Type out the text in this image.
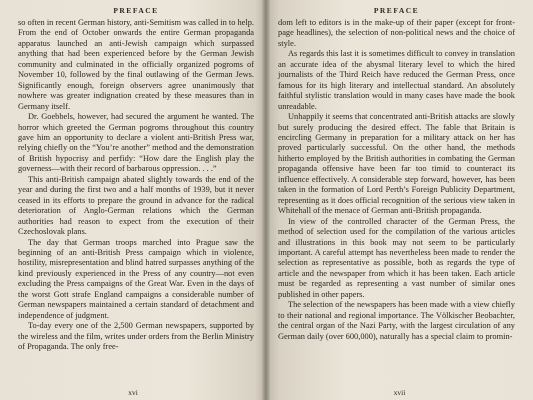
PREFACE

so often in recent German history, anti-Semitism was called in to help. From the end of October onwards the entire German propaganda apparatus launched an anti-Jewish campaign which surpassed anything that had been experienced before by the German Jewish community and culminated in the officially organized pogroms of November 10, followed by the final outlawing of the German Jews. Significantly enough, foreign observers agree unanimously that nowhere was greater indignation created by these measures than in Germany itself.

Dr. Goebbels, however, had secured the argument he wanted. The horror which greeted the German pogroms throughout this country gave him an opportunity to declare a violent anti-British Press war, relying chiefly on the “You’re another” method and the demonstration of British hypocrisy and perfidy: “How dare the English play the governess—with their record of barbarous oppression. . . .”

This anti-British campaign abated slightly towards the end of the year and during the first two and a half months of 1939, but it never ceased in its efforts to prepare the ground in advance for the radical deterioration of Anglo-German relations which the German authorities had reason to expect from the execution of their Czechoslovak plans.

The day that German troops marched into Prague saw the beginning of an anti-British Press campaign which in violence, hostility, misrepresentation and blind hatred surpasses anything of the kind previously experienced in the Press of any country—not even excluding the Press campaigns of the Great War. Even in the days of the worst Gott strafe England campaigns a considerable number of German newspapers maintained a certain standard of detachment and independence of judgment.

To-day every one of the 2,500 German newspapers, supported by the wireless and the film, writes under orders from the Berlin Ministry of Propaganda. The only free-

xvi
PREFACE

dom left to editors is in the make-up of their paper (except for front-page headlines), the selection of non-political news and the choice of style.

As regards this last it is sometimes difficult to convey in translation an accurate idea of the abysmal literary level to which the hired journalists of the Third Reich have reduced the German Press, once famous for its high literary and intellectual standard. An absolutely faithful stylistic translation would in many cases have made the book unreadable.

Unhappily it seems that concentrated anti-British attacks are slowly but surely producing the desired effect. The fable that Britain is encircling Germany in preparation for a military attack on her has proved particularly successful. On the other hand, the methods hitherto employed by the British authorities in combating the German propaganda offensive have been far too timid to counteract its influence effectively. A considerable step forward, however, has been taken in the formation of Lord Perth’s Foreign Publicity Department, representing as it does official recognition of the serious view taken in Whitehall of the menace of German anti-British propaganda.

In view of the controlled character of the German Press, the method of selection used for the compilation of the various articles and illustrations in this book may not seem to be particularly important. A careful attempt has nevertheless been made to render the selection as representative as possible, both as regards the type of article and the newspaper from which it has been taken. Each article must be regarded as representing a vast number of similar ones published in other papers.

The selection of the newspapers has been made with a view chiefly to their national and regional importance. The Völkischer Beobachter, the central organ of the Nazi Party, with the largest circulation of any German daily (over 600,000), naturally has a special claim to promin-

xvii
